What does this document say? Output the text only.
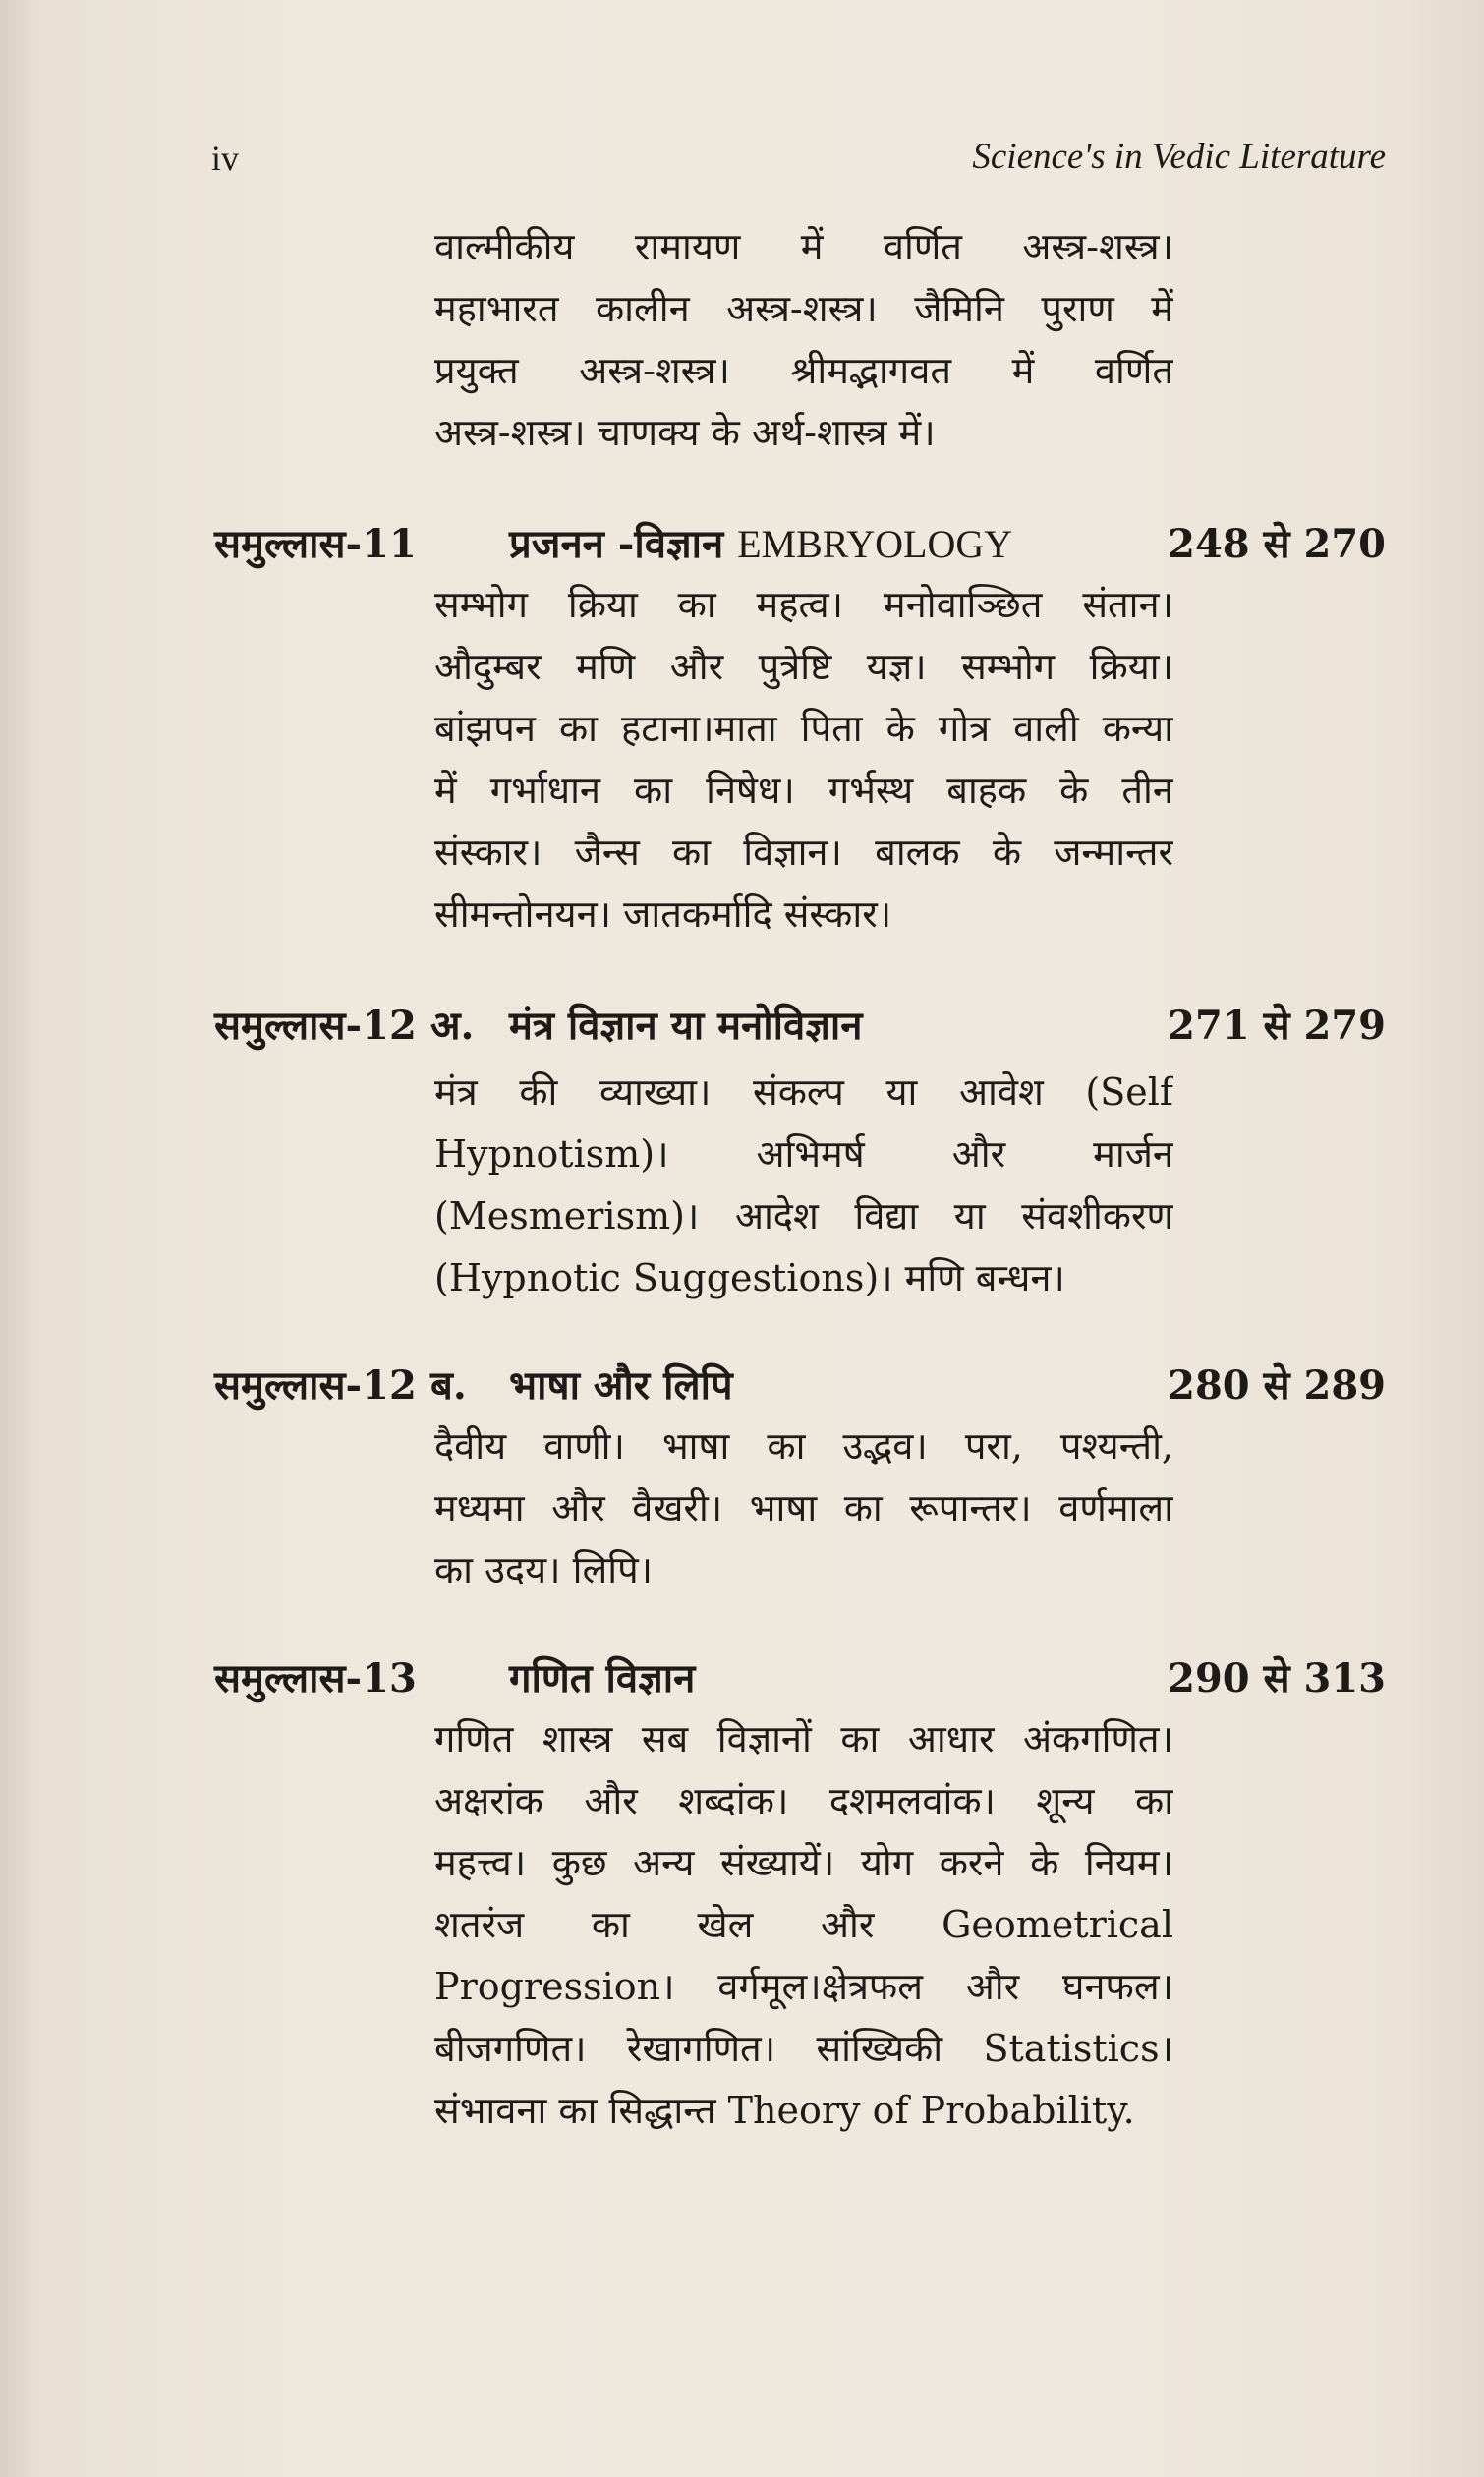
iv	Science's in Vedic Literature
वाल्मीकीय रामायण में वर्णित अस्त्र-शस्त्र।
महाभारत कालीन अस्त्र-शस्त्र। जैमिनि पुराण में
प्रयुक्त अस्त्र-शस्त्र। श्रीमद्भागवत में वर्णित
अस्त्र-शस्त्र। चाणक्य के अर्थ-शास्त्र में।
समुल्लास-11 प्रजनन -विज्ञान EMBRYOLOGY	248 से 270
सम्भोग क्रिया का महत्व। मनोवाञ्छित संतान।
औदुम्बर मणि और पुत्रेष्टि यज्ञ। सम्भोग क्रिया।
बांझपन का हटाना।माता पिता के गोत्र वाली कन्या
में गर्भाधान का निषेध। गर्भस्थ बाहक के तीन
संस्कार। जैन्स का विज्ञान। बालक के जन्मान्तर
सीमन्तोनयन। जातकर्मादि संस्कार।
समुल्लास-12 अ. मंत्र विज्ञान या मनोविज्ञान	271 से 279
मंत्र की व्याख्या। संकल्प या आवेश (Self
Hypnotism)। अभिमर्ष और मार्जन
(Mesmerism)। आदेश विद्या या संवशीकरण
(Hypnotic Suggestions)। मणि बन्धन।
समुल्लास-12 ब. भाषा और लिपि	280 से 289
दैवीय वाणी। भाषा का उद्भव। परा, पश्यन्ती,
मध्यमा और वैखरी। भाषा का रूपान्तर। वर्णमाला
का उदय। लिपि।
समुल्लास-13 गणित विज्ञान	290 से 313
गणित शास्त्र सब विज्ञानों का आधार अंकगणित।
अक्षरांक और शब्दांक। दशमलवांक। शून्य का
महत्त्व। कुछ अन्य संख्यायें। योग करने के नियम।
शतरंज का खेल और Geometrical
Progression। वर्गमूल।क्षेत्रफल और घनफल।
बीजगणित। रेखागणित। सांख्यिकी Statistics।
संभावना का सिद्धान्त Theory of Probability.
